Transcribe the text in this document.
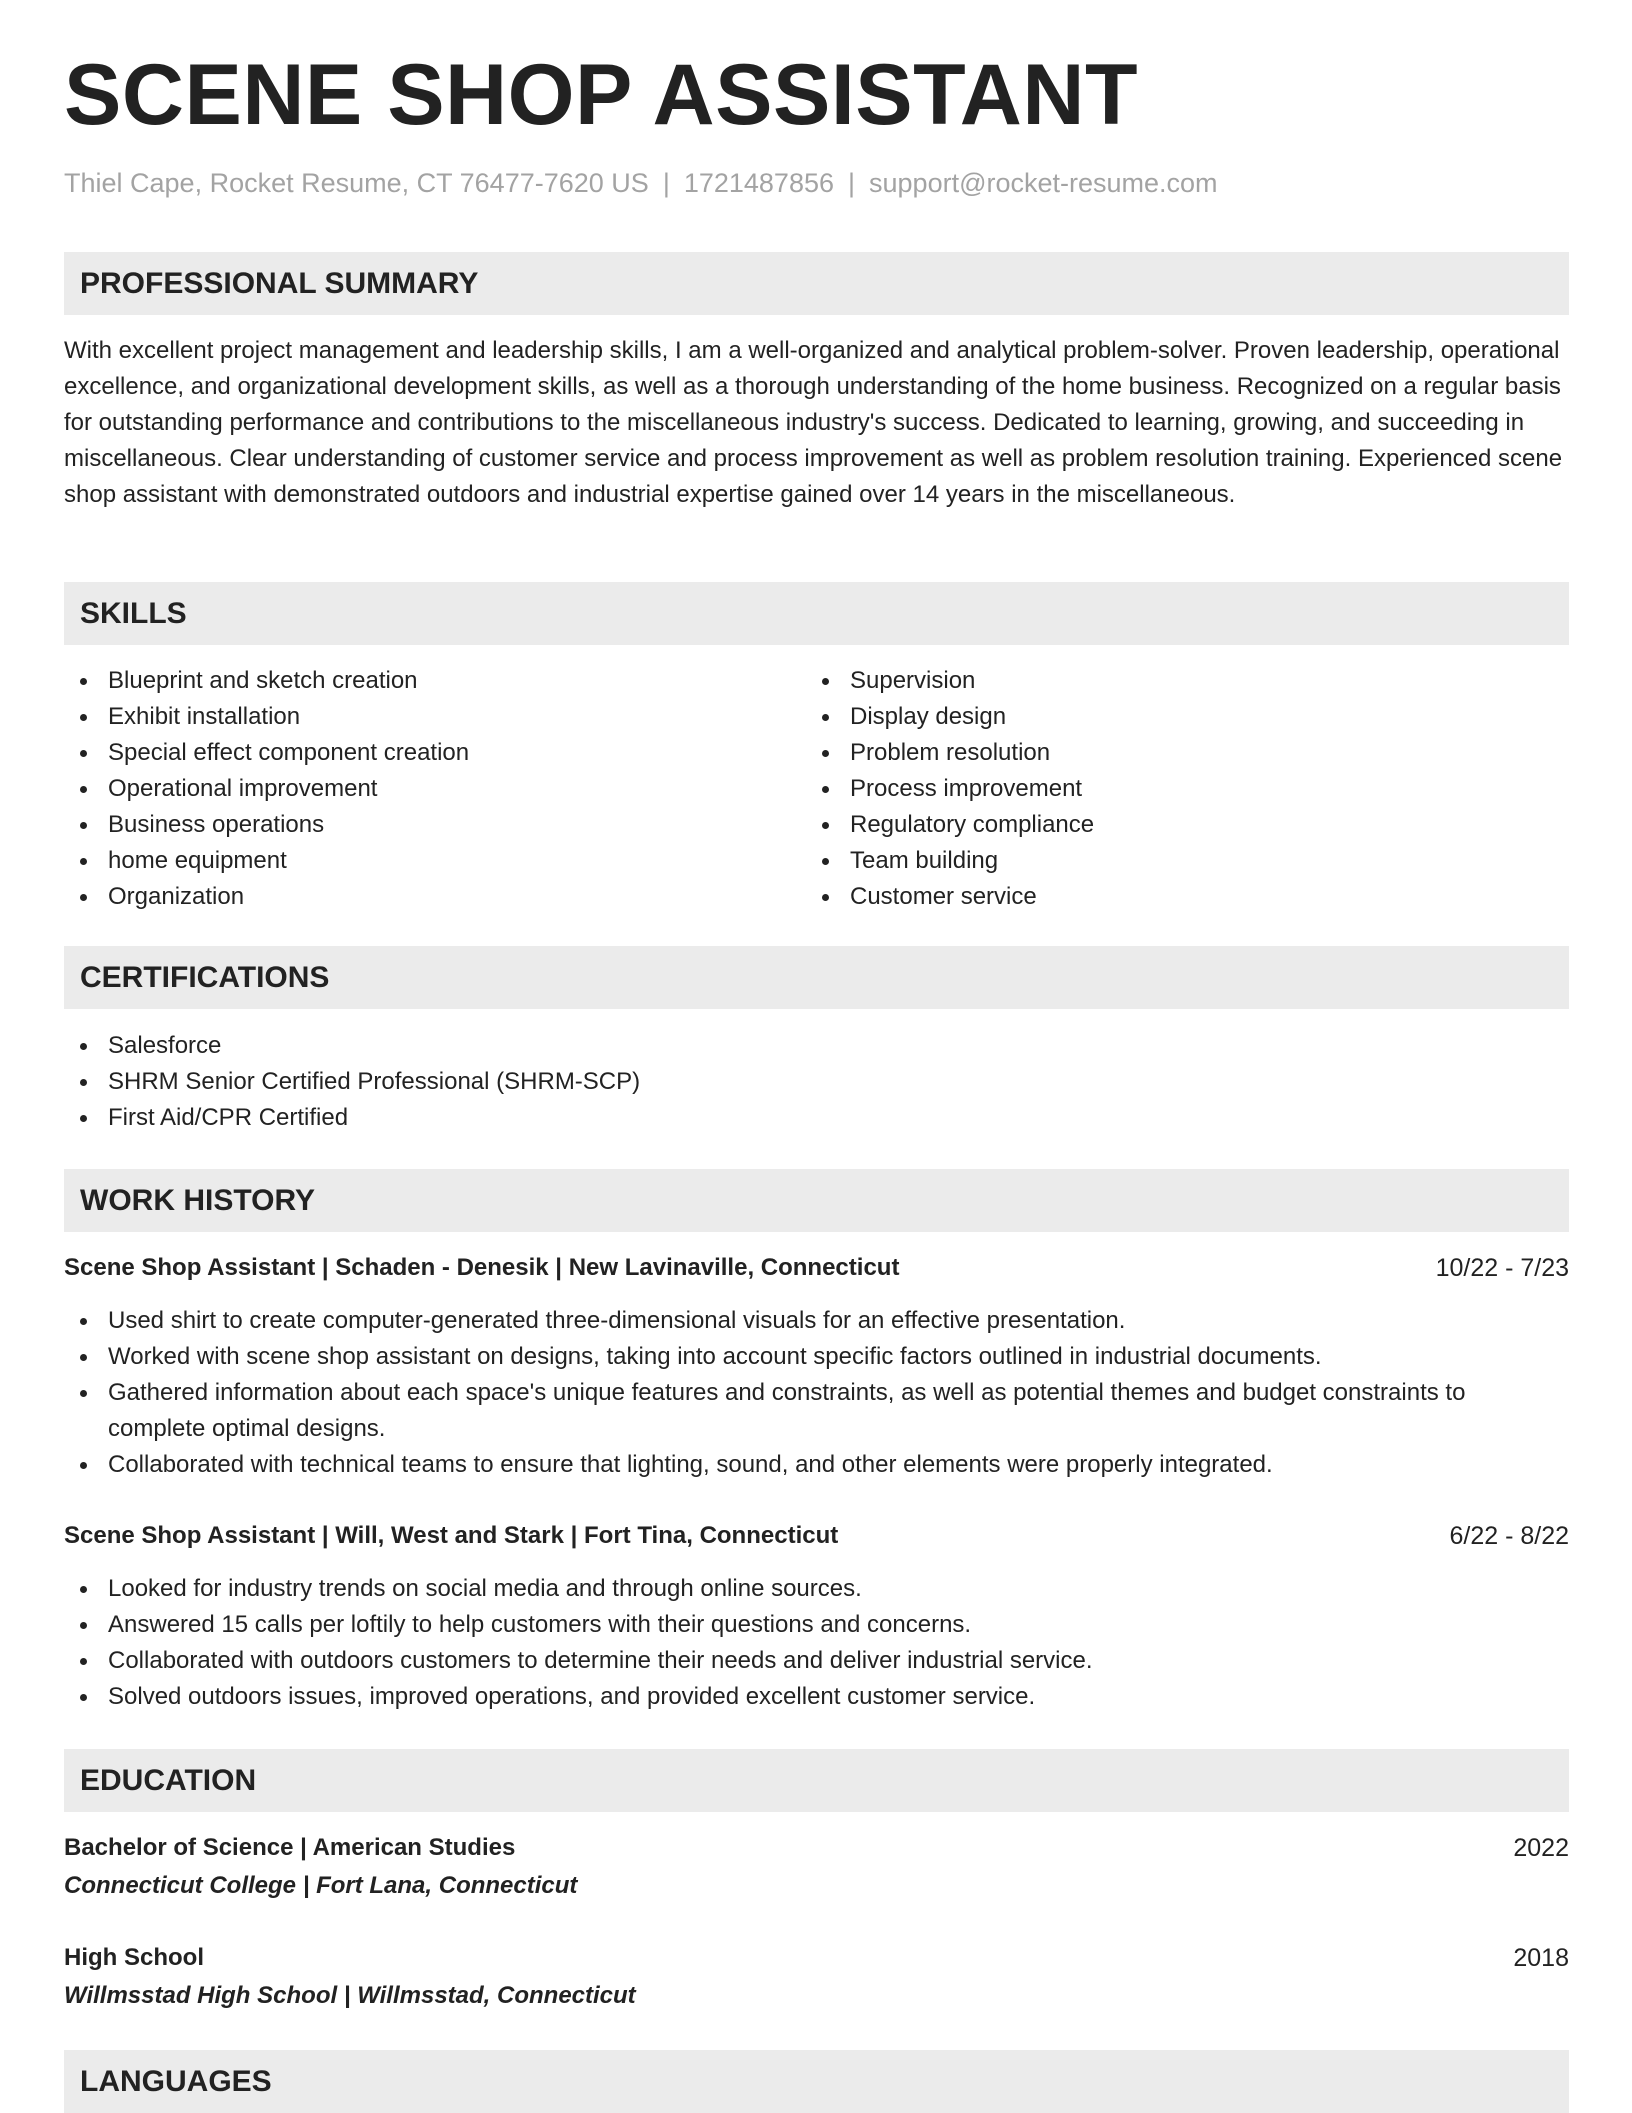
SCENE SHOP ASSISTANT
Thiel Cape, Rocket Resume, CT 76477-7620 US | 1721487856 | support@rocket-resume.com
PROFESSIONAL SUMMARY

With excellent project management and leadership skills, I am a well-organized and analytical problem-solver. Proven leadership, operational excellence, and organizational development skills, as well as a thorough understanding of the home business. Recognized on a regular basis for outstanding performance and contributions to the miscellaneous industry's success. Dedicated to learning, growing, and succeeding in miscellaneous. Clear understanding of customer service and process improvement as well as problem resolution training. Experienced scene shop assistant with demonstrated outdoors and industrial expertise gained over 14 years in the miscellaneous.

SKILLS
Blueprint and sketch creation
Exhibit installation
Special effect component creation
Operational improvement
Business operations
home equipment
Organization
Supervision
Display design
Problem resolution
Process improvement
Regulatory compliance
Team building
Customer service
CERTIFICATIONS
Salesforce
SHRM Senior Certified Professional (SHRM-SCP)
First Aid/CPR Certified
WORK HISTORY
Scene Shop Assistant | Schaden - Denesik | New Lavinaville, Connecticut	10/22 - 7/23
Used shirt to create computer-generated three-dimensional visuals for an effective presentation.
Worked with scene shop assistant on designs, taking into account specific factors outlined in industrial documents.
Gathered information about each space's unique features and constraints, as well as potential themes and budget constraints to complete optimal designs.
Collaborated with technical teams to ensure that lighting, sound, and other elements were properly integrated.
Scene Shop Assistant | Will, West and Stark | Fort Tina, Connecticut	6/22 - 8/22
Looked for industry trends on social media and through online sources.
Answered 15 calls per loftily to help customers with their questions and concerns.
Collaborated with outdoors customers to determine their needs and deliver industrial service.
Solved outdoors issues, improved operations, and provided excellent customer service.
EDUCATION
Bachelor of Science | American Studies	2022
Connecticut College | Fort Lana, Connecticut
High School	2018
Willmsstad High School | Willmsstad, Connecticut
LANGUAGES
